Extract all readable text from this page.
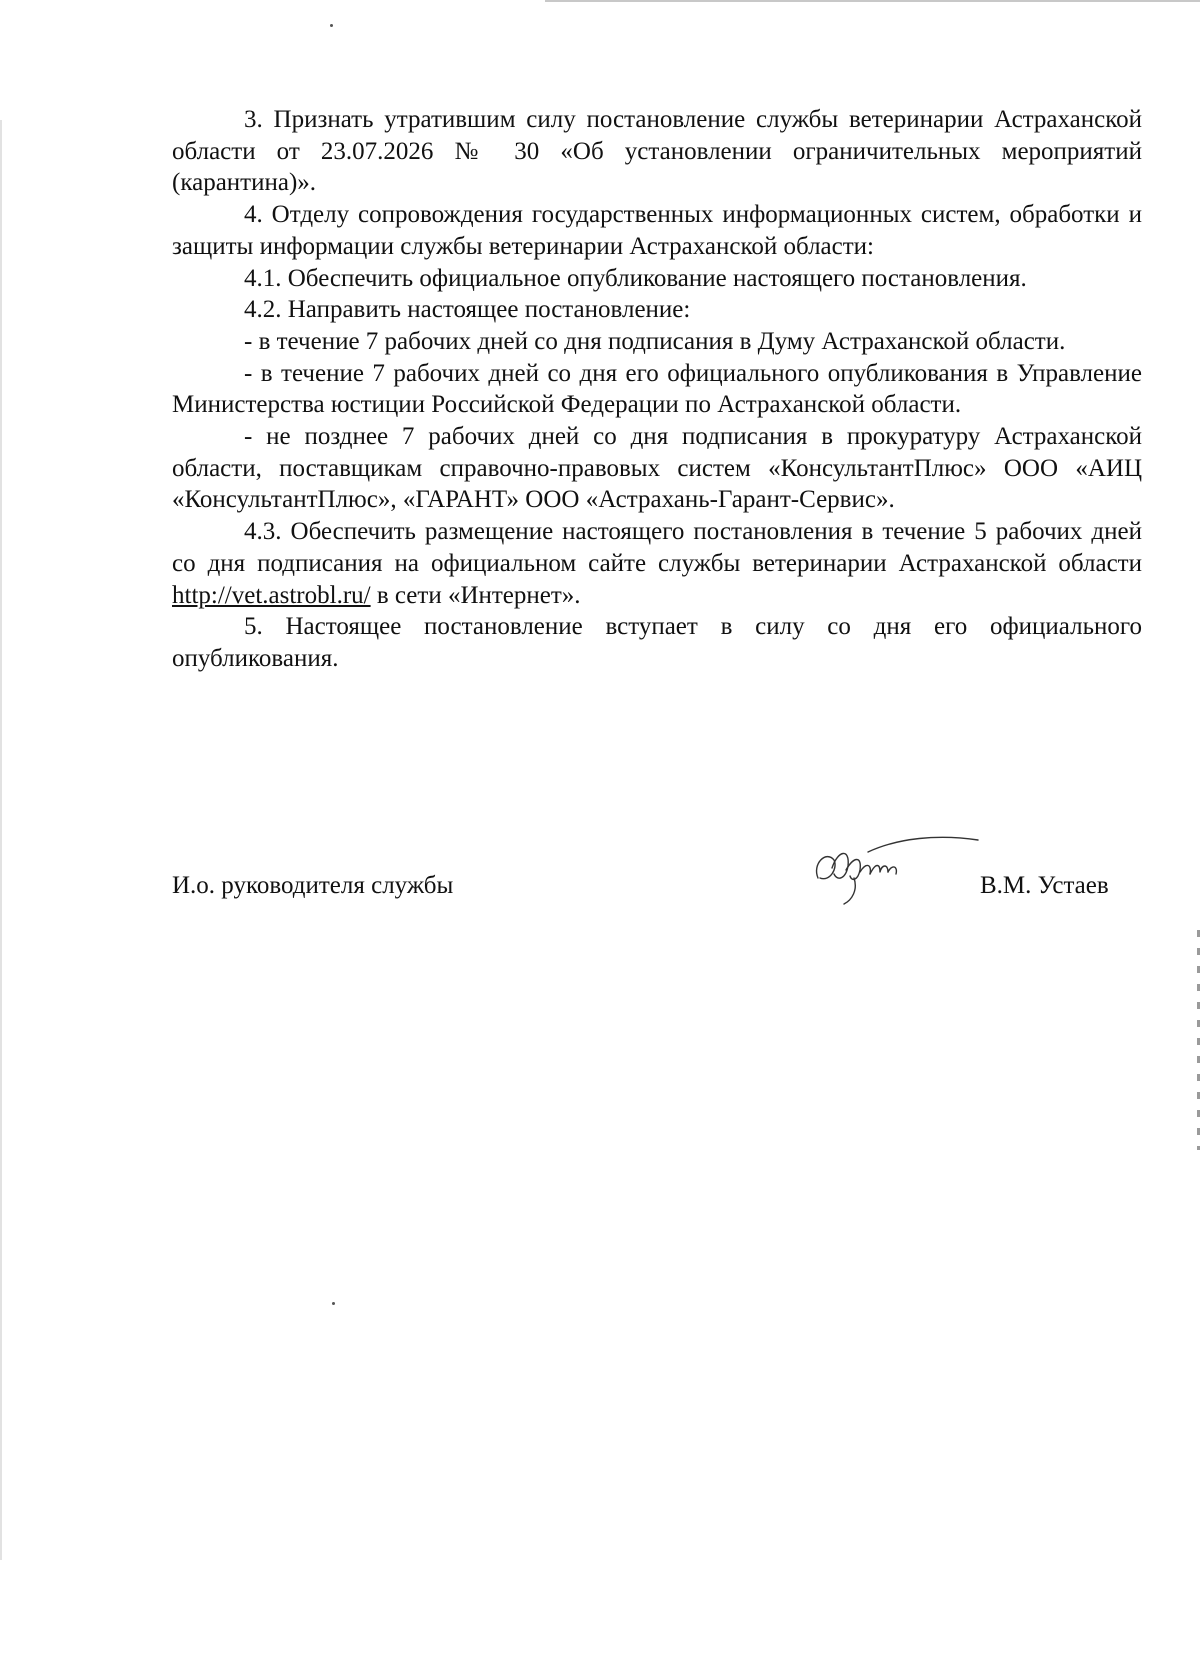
3. Признать утратившим силу постановление службы ветеринарии Астраханской области от 23.07.2026 № 30 «Об установлении ограничительных мероприятий (карантина)».

4. Отделу сопровождения государственных информационных систем, обработки и защиты информации службы ветеринарии Астраханской области:

4.1. Обеспечить официальное опубликование настоящего постановления.

4.2. Направить настоящее постановление:

- в течение 7 рабочих дней со дня подписания в Думу Астраханской области.

- в течение 7 рабочих дней со дня его официального опубликования в Управление Министерства юстиции Российской Федерации по Астраханской области.

- не позднее 7 рабочих дней со дня подписания в прокуратуру Астраханской области, поставщикам справочно-правовых систем «КонсультантПлюс» ООО «АИЦ «КонсультантПлюс», «ГАРАНТ» ООО «Астрахань-Гарант-Сервис».

4.3. Обеспечить размещение настоящего постановления в течение 5 рабочих дней со дня подписания на официальном сайте службы ветеринарии Астраханской области http://vet.astrobl.ru/ в сети «Интернет».

5. Настоящее постановление вступает в силу со дня его официального опубликования.

И.о. руководителя службы	В.М. Устаев
